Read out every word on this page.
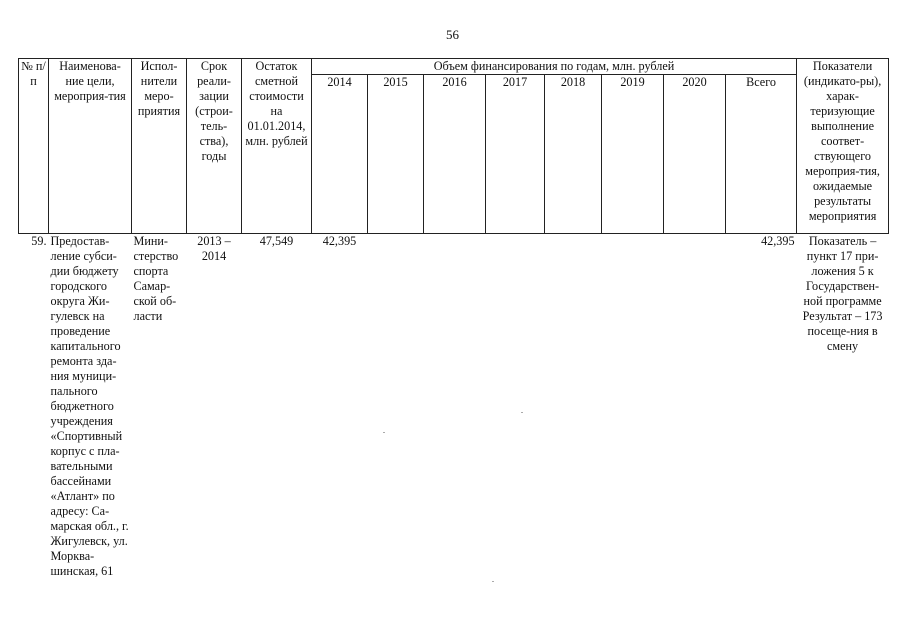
56
№ п/п	Наименова-ние цели, мероприя-тия	Испол-нители меро-приятия	Срок реали-зации (строи-тель-ства), годы	Остаток сметной стоимости на 01.01.2014, млн. рублей	Объем финансирования по годам, млн. рублей								Показатели (индикато-ры), харак-теризующие выполнение соответ-ствующего мероприя-тия, ожидаемые результаты мероприятия
					2014	2015	2016	2017	2018	2019	2020	Всего	
59.	Предостав-ление субси-дии бюджету городского округа Жи-гулевск на проведение капитального ремонта зда-ния муници-пального бюджетного учреждения «Спортивный корпус с пла-вательными бассейнами «Атлант» по адресу: Са-марская обл., г. Жигулевск, ул. Морква-шинская, 61	Мини-стерство спорта Самар-ской об-ласти	2013 – 2014	47,549	42,395							42,395	Показатель – пункт 17 при-ложения 5 к Государствен-ной программе Результат – 173 посеще-ния в смену
